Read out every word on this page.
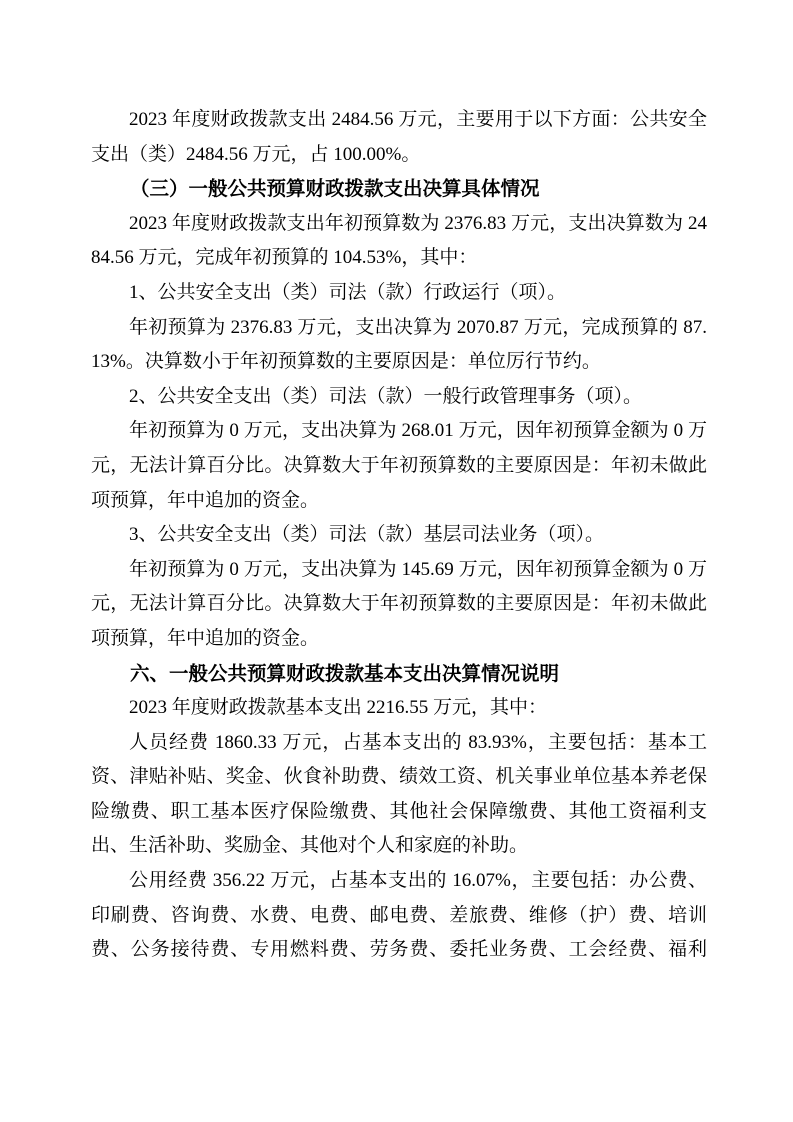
2023 年度财政拨款支出 2484.56 万元，主要用于以下方面：公共安全支出（类）2484.56 万元，占 100.00%。

（三）一般公共预算财政拨款支出决算具体情况

2023 年度财政拨款支出年初预算数为 2376.83 万元，支出决算数为 2484.56 万元，完成年初预算的 104.53%，其中：

1、公共安全支出（类）司法（款）行政运行（项）。

年初预算为 2376.83 万元，支出决算为 2070.87 万元，完成预算的 87.13%。决算数小于年初预算数的主要原因是：单位厉行节约。

2、公共安全支出（类）司法（款）一般行政管理事务（项）。

年初预算为 0 万元，支出决算为 268.01 万元，因年初预算金额为 0 万元，无法计算百分比。决算数大于年初预算数的主要原因是：年初未做此项预算，年中追加的资金。

3、公共安全支出（类）司法（款）基层司法业务（项）。

年初预算为 0 万元，支出决算为 145.69 万元，因年初预算金额为 0 万元，无法计算百分比。决算数大于年初预算数的主要原因是：年初未做此项预算，年中追加的资金。

六、一般公共预算财政拨款基本支出决算情况说明

2023 年度财政拨款基本支出 2216.55 万元，其中：

人员经费 1860.33 万元，占基本支出的 83.93%，主要包括：基本工资、津贴补贴、奖金、伙食补助费、绩效工资、机关事业单位基本养老保险缴费、职工基本医疗保险缴费、其他社会保障缴费、其他工资福利支出、生活补助、奖励金、其他对个人和家庭的补助。

公用经费 356.22 万元，占基本支出的 16.07%，主要包括：办公费、印刷费、咨询费、水费、电费、邮电费、差旅费、维修（护）费、培训费、公务接待费、专用燃料费、劳务费、委托业务费、工会经费、福利
